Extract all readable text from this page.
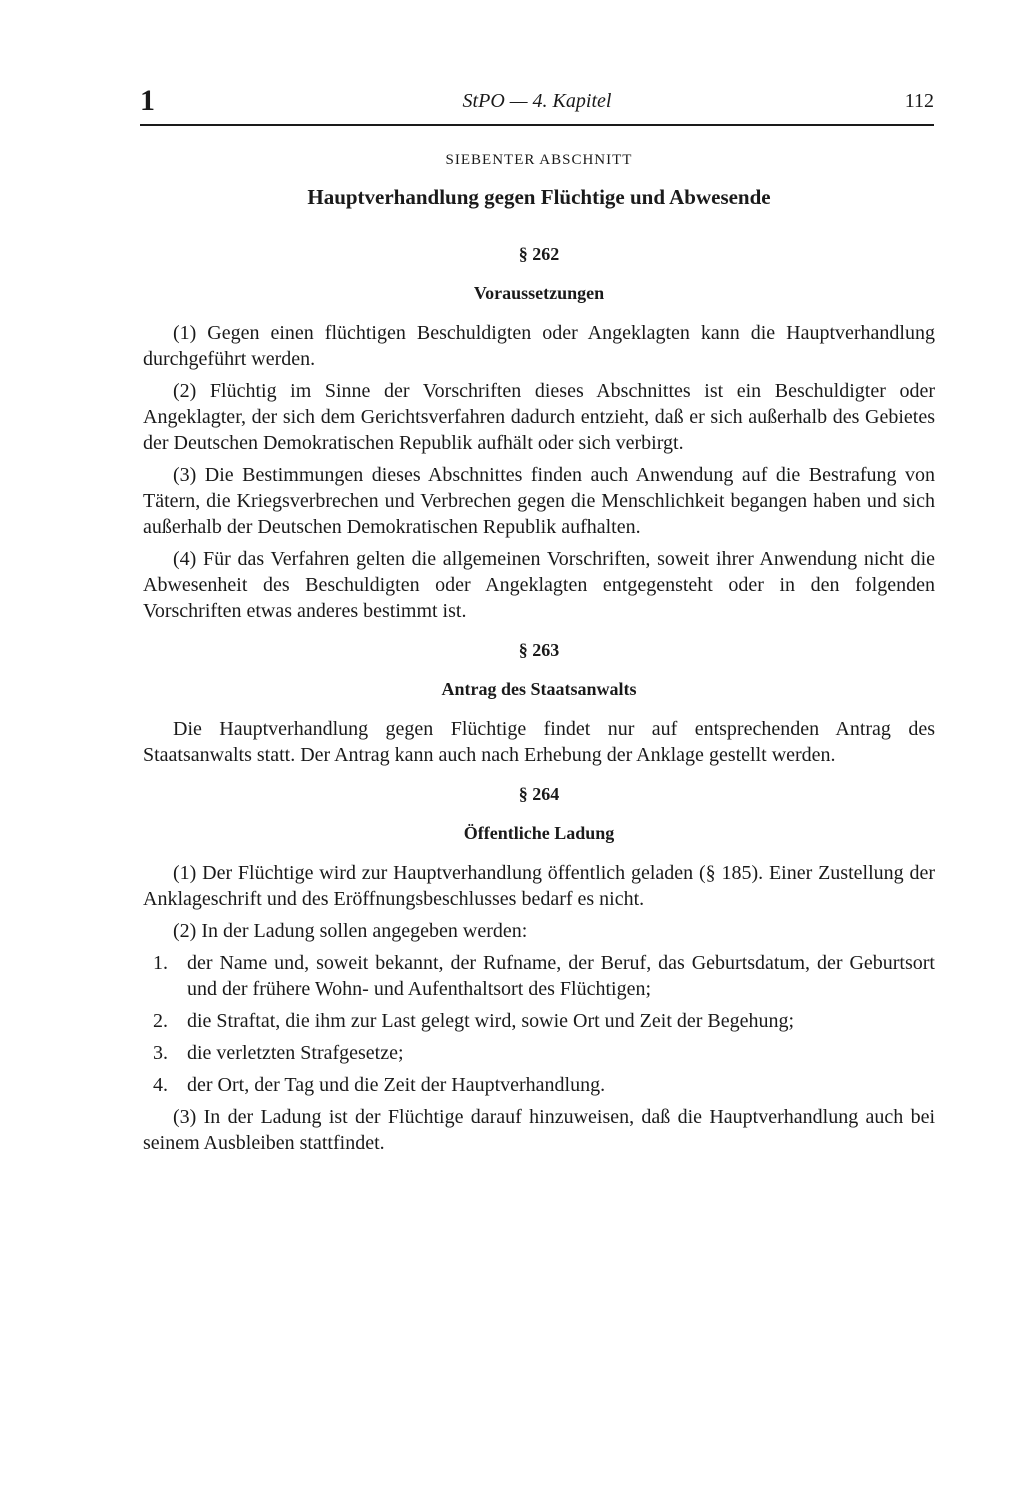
1	StPO — 4. Kapitel	112
SIEBENTER ABSCHNITT
Hauptverhandlung gegen Flüchtige und Abwesende
§ 262
Voraussetzungen

(1) Gegen einen flüchtigen Beschuldigten oder Angeklagten kann die Hauptverhandlung durchgeführt werden.

(2) Flüchtig im Sinne der Vorschriften dieses Abschnittes ist ein Beschuldigter oder Angeklagter, der sich dem Gerichtsverfahren dadurch entzieht, daß er sich außerhalb des Gebietes der Deutschen Demokratischen Republik aufhält oder sich verbirgt.

(3) Die Bestimmungen dieses Abschnittes finden auch Anwendung auf die Bestrafung von Tätern, die Kriegsverbrechen und Verbrechen gegen die Menschlichkeit begangen haben und sich außerhalb der Deutschen Demokratischen Republik aufhalten.

(4) Für das Verfahren gelten die allgemeinen Vorschriften, soweit ihrer Anwendung nicht die Abwesenheit des Beschuldigten oder Angeklagten entgegensteht oder in den folgenden Vorschriften etwas anderes bestimmt ist.

§ 263
Antrag des Staatsanwalts

Die Hauptverhandlung gegen Flüchtige findet nur auf entsprechenden Antrag des Staatsanwalts statt. Der Antrag kann auch nach Erhebung der Anklage gestellt werden.

§ 264
Öffentliche Ladung

(1) Der Flüchtige wird zur Hauptverhandlung öffentlich geladen (§ 185). Einer Zustellung der Anklageschrift und des Eröffnungsbeschlusses bedarf es nicht.

(2) In der Ladung sollen angegeben werden:

1. der Name und, soweit bekannt, der Rufname, der Beruf, das Geburtsdatum, der Geburtsort und der frühere Wohn- und Aufenthaltsort des Flüchtigen;
2. die Straftat, die ihm zur Last gelegt wird, sowie Ort und Zeit der Begehung;
3. die verletzten Strafgesetze;
4. der Ort, der Tag und die Zeit der Hauptverhandlung.

(3) In der Ladung ist der Flüchtige darauf hinzuweisen, daß die Hauptverhandlung auch bei seinem Ausbleiben stattfindet.
